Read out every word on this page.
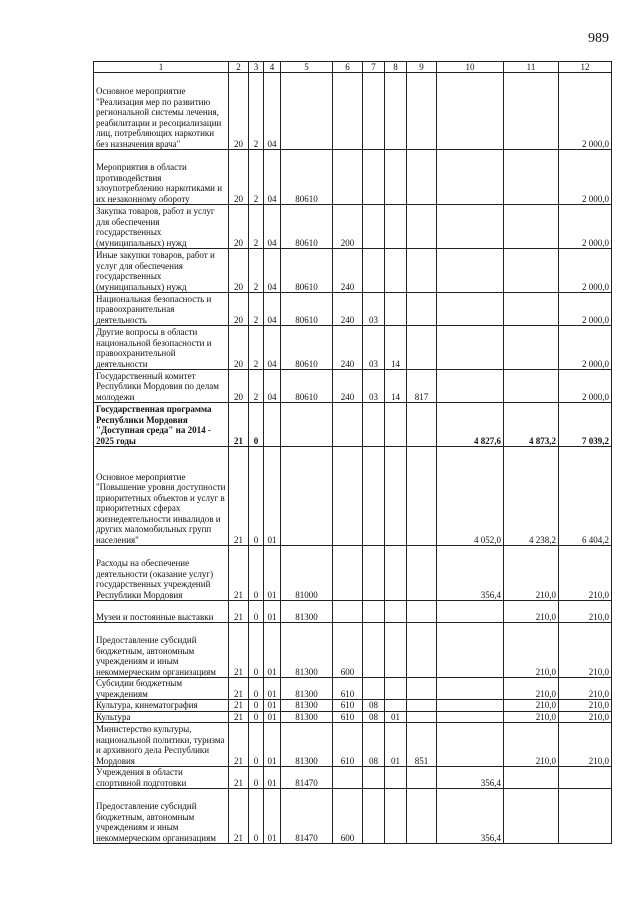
989
1	2	3	4	5	6	7	8	9	10	11	12
Основное мероприятие "Реализация мер по развитию региональной системы лечения, реабилитации и ресоциализации лиц, потребляющих наркотики без назначения врача"	20	2	04								2 000,0
Мероприятия в области противодействия злоупотреблению наркотиками и их незаконному обороту	20	2	04	80610							2 000,0
Закупка товаров, работ и услуг для обеспечения государственных (муниципальных) нужд	20	2	04	80610	200						2 000,0
Иные закупки товаров, работ и услуг для обеспечения государственных (муниципальных) нужд	20	2	04	80610	240						2 000,0
Национальная безопасность и правоохранительная деятельность	20	2	04	80610	240	03					2 000,0
Другие вопросы в области национальной безопасности и правоохранительной деятельности	20	2	04	80610	240	03	14				2 000,0
Государственный комитет Республики Мордовия по делам молодежи	20	2	04	80610	240	03	14	817			2 000,0
Государственная программа Республики Мордовия "Доступная среда" на 2014 - 2025 годы	21	0							4 827,6	4 873,2	7 039,2
Основное мероприятие "Повышение уровня доступности приоритетных объектов и услуг в приоритетных сферах жизнедеятельности инвалидов и других маломобильных групп населения"	21	0	01						4 052,0	4 238,2	6 404,2
Расходы на обеспечение деятельности (оказание услуг) государственных учреждений Республики Мордовия	21	0	01	81000					356,4	210,0	210,0
Музеи и постоянные выставки	21	0	01	81300						210,0	210,0
Предоставление субсидий бюджетным, автономным учреждениям и иным некоммерческим организациям	21	0	01	81300	600					210,0	210,0
Субсидии бюджетным учреждениям	21	0	01	81300	610					210,0	210,0
Культура, кинематография	21	0	01	81300	610	08				210,0	210,0
Культура	21	0	01	81300	610	08	01			210,0	210,0
Министерство культуры, национальной политики, туризма и архивного дела Республики Мордовия	21	0	01	81300	610	08	01	851		210,0	210,0
Учреждения в области спортивной подготовки	21	0	01	81470					356,4		
Предоставление субсидий бюджетным, автономным учреждениям и иным некоммерческим организациям	21	0	01	81470	600				356,4		
